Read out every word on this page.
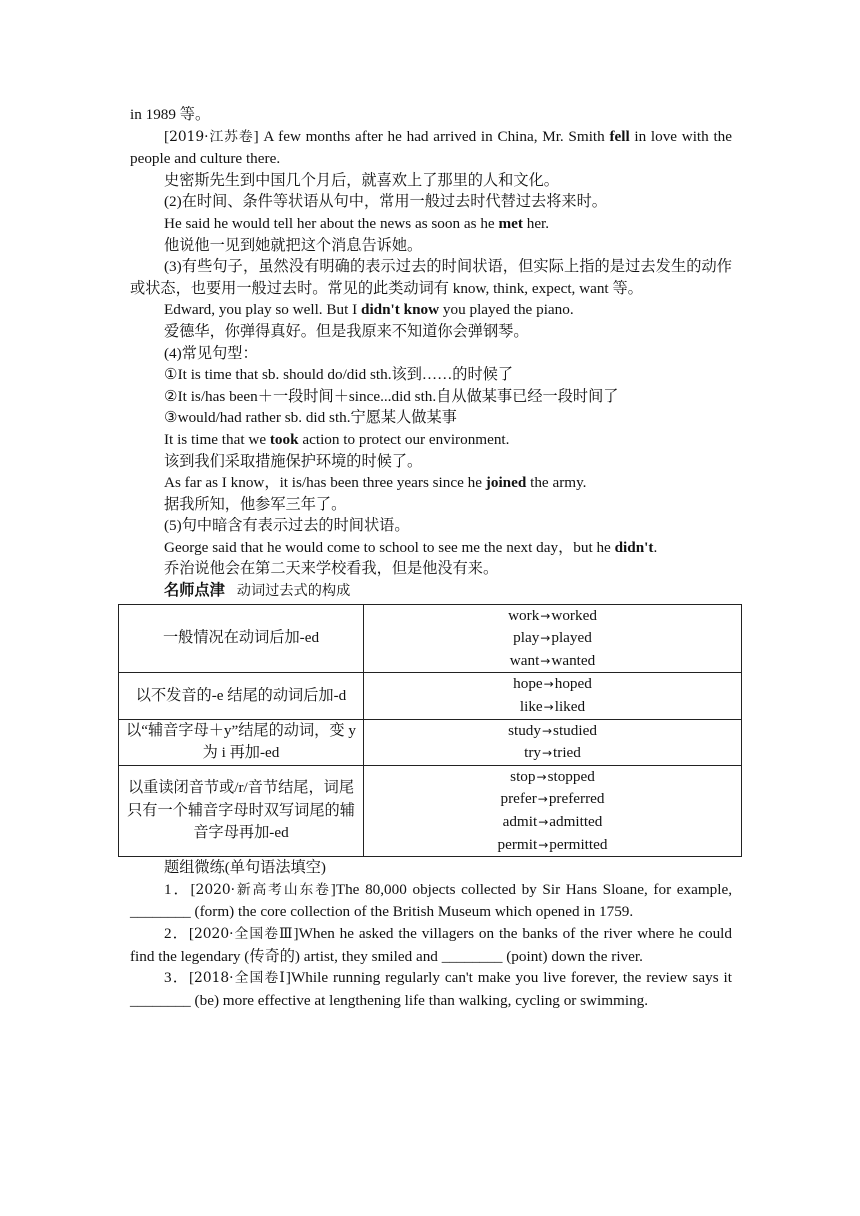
in 1989 等。

[2019·江苏卷] A few months after he had arrived in China, Mr. Smith fell in love with the people and culture there.

史密斯先生到中国几个月后，就喜欢上了那里的人和文化。

(2)在时间、条件等状语从句中，常用一般过去时代替过去将来时。

He said he would tell her about the news as soon as he met her.

他说他一见到她就把这个消息告诉她。

(3)有些句子，虽然没有明确的表示过去的时间状语，但实际上指的是过去发生的动作或状态，也要用一般过去时。常见的此类动词有 know, think, expect, want 等。

Edward, you play so well. But I didn't know you played the piano.

爱德华，你弹得真好。但是我原来不知道你会弹钢琴。

(4)常见句型：

①It is time that sb. should do/did sth.该到……的时候了

②It is/has been＋一段时间＋since...did sth.自从做某事已经一段时间了

③would/had rather sb. did sth.宁愿某人做某事

It is time that we took action to protect our environment.

该到我们采取措施保护环境的时候了。

As far as I know，it is/has been three years since he joined the army.

据我所知，他参军三年了。

(5)句中暗含有表示过去的时间状语。

George said that he would come to school to see me the next day，but he didn't.

乔治说他会在第二天来学校看我，但是他没有来。

名师点津 动词过去式的构成

一般情况在动词后加-ed	work→worked
play→played
want→wanted

以不发音的-e 结尾的动词后加-d	hope→hoped
like→liked

以“辅音字母＋y”结尾的动词，变 y 为 i 再加-ed	study→studied
try→tried

以重读闭音节或/r/音节结尾，词尾只有一个辅音字母时双写词尾的辅音字母再加-ed	stop→stopped
prefer→preferred
admit→admitted
permit→permitted

题组微练(单句语法填空)

1．[2020·新高考山东卷]The 80,000 objects collected by Sir Hans Sloane, for example, ________ (form) the core collection of the British Museum which opened in 1759.

2．[2020·全国卷Ⅲ]When he asked the villagers on the banks of the river where he could find the legendary (传奇的) artist, they smiled and ________ (point) down the river.

3．[2018·全国卷Ⅰ]While running regularly can't make you live forever, the review says it ________ (be) more effective at lengthening life than walking, cycling or swimming.
